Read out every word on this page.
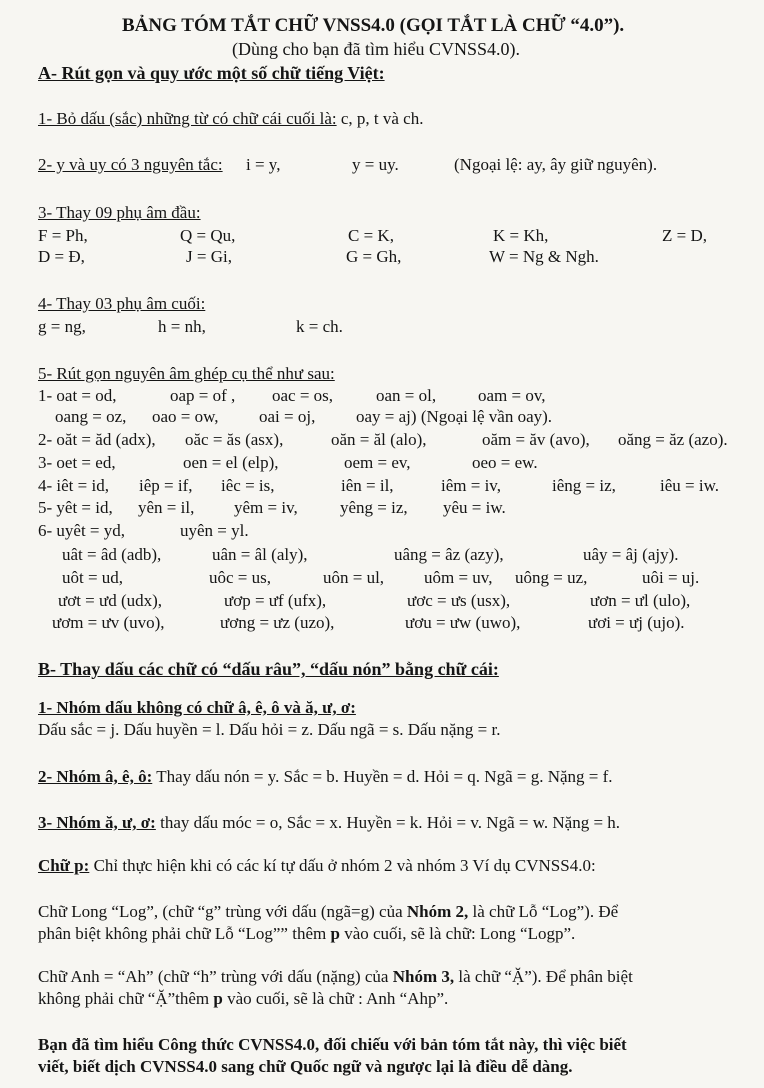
BẢNG TÓM TẮT CHỮ VNSS4.0 (GỌI TẮT LÀ CHỮ “4.0”).
(Dùng cho bạn đã tìm hiểu CVNSS4.0).
A- Rút gọn và quy ước một số chữ tiếng Việt:
1- Bỏ dấu (sắc) những từ có chữ cái cuối là: c, p, t và ch.
2- y và uy có 3 nguyên tắc: i = y,	y = uy.	(Ngoại lệ: ay, ây giữ nguyên).
3- Thay 09 phụ âm đầu:
F = Ph,	Q = Qu,	C = K,	K = Kh,	Z = D,
D = Đ,	J = Gi,	G = Gh,	W = Ng & Ngh.
4- Thay 03 phụ âm cuối:
g = ng,	h = nh,	k = ch.
5- Rút gọn nguyên âm ghép cụ thể như sau:
1- oat = od,	oap = of , oac = os,	oan = ol, oam = ov,
oang = oz, oao = ow, oai = oj, oay = aj) (Ngoại lệ vần oay).
2- oăt = ăd (adx), oăc = ăs (asx),	oăn = ăl (alo),	oăm = ăv (avo), oăng = ăz (azo).
3- oet = ed,	oen = el (elp),	oem = ev,	oeo = ew.
4- iêt = id, iêp = if, iêc = is,	iên = il,	iêm = iv,	iêng = iz,	iêu = iw.
5- yêt = id, yên = il, yêm = iv, yêng = iz, yêu = iw.
6- uyêt = yd,	uyên = yl.
uât = âd (adb),	uân = âl (aly),	uâng = âz (azy),	uây = âj (ajy).
uôt = ud,	uôc = us,	uôn = ul, uôm = uv, uông = uz,	uôi = uj.
ươt = ưd (udx),	ươp = ưf (ufx),	ươc = ưs (usx),	ươn = ưl (ulo),
ươm = ưv (uvo),	ương = ưz (uzo),	ươu = ưw (uwo),	ươi = ưj (ujo).
B- Thay dấu các chữ có “dấu râu”, “dấu nón” bằng chữ cái:
1- Nhóm dấu không có chữ â, ê, ô và ă, ư, ơ:
Dấu sắc = j. Dấu huyền = l. Dấu hỏi = z. Dấu ngã = s. Dấu nặng = r.
2- Nhóm â, ê, ô: Thay dấu nón = y. Sắc = b. Huyền = d. Hỏi = q. Ngã = g. Nặng = f.
3- Nhóm ă, ư, ơ: thay dấu móc = o, Sắc = x. Huyền = k. Hỏi = v. Ngã = w. Nặng = h.
Chữ p: Chỉ thực hiện khi có các kí tự dấu ở nhóm 2 và nhóm 3 Ví dụ CVNSS4.0:
Chữ Long “Log”, (chữ “g” trùng với dấu (ngã=g) của Nhóm 2, là chữ Lỗ “Log”). Để
phân biệt không phải chữ Lỗ “Log”” thêm p vào cuối, sẽ là chữ: Long “Logp”.
Chữ Anh = “Ah” (chữ “h” trùng với dấu (nặng) của Nhóm 3, là chữ “Ặ”). Để phân biệt
không phải chữ “Ặ”thêm p vào cuối, sẽ là chữ : Anh “Ahp”.
Bạn đã tìm hiểu Công thức CVNSS4.0, đối chiếu với bản tóm tắt này, thì việc biết
viết, biết dịch CVNSS4.0 sang chữ Quốc ngữ và ngược lại là điều dễ dàng.
